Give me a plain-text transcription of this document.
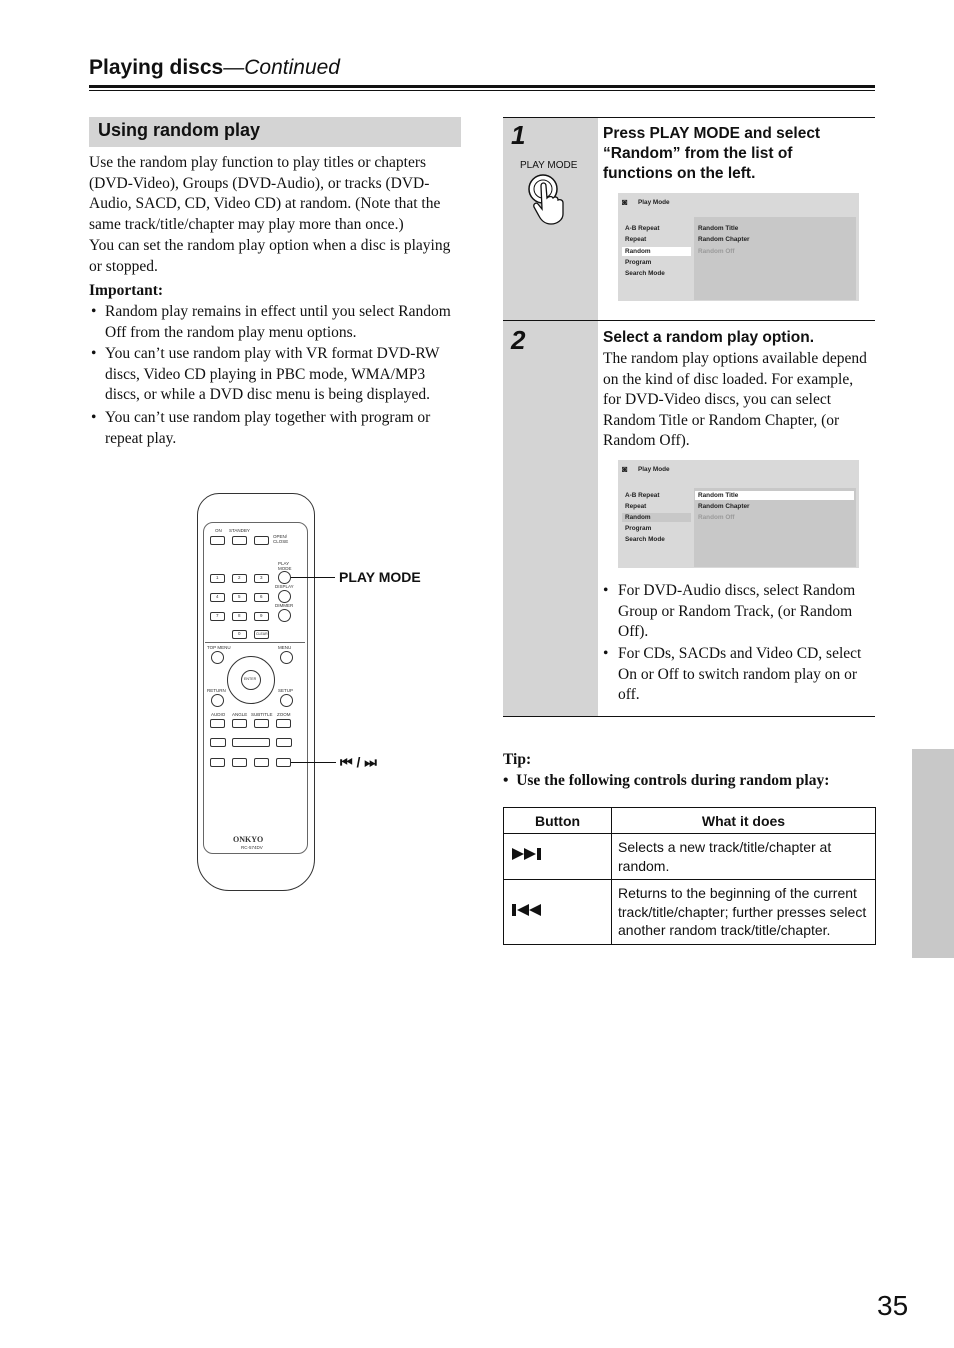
Playing discs—Continued
Using random play
Use the random play function to play titles or chapters (DVD-Video), Groups (DVD-Audio), or tracks (DVD-Audio, SACD, CD, Video CD) at random. (Note that the same track/title/chapter may play more than once.)
You can set the random play option when a disc is playing or stopped.
Important:
• Random play remains in effect until you select Random Off from the random play menu options.
• You can’t use random play with VR format DVD-RW discs, Video CD playing in PBC mode, WMA/MP3 discs, or while a DVD disc menu is being displayed.
• You can’t use random play together with program or repeat play.
ON STANDBY
OPEN/ CLOSE
PLAY MODE
DISPLAY
DIMMER
1	2	3
4	5	6
7	8	9
0	CLEAR
TOP MENU	MENU
ENTER
RETURN	SETUP
AUDIO ANGLE SUBTITLE ZOOM
ONKYO
RC-574DV
PLAY MODE
⏮ / ⏭
1
PLAY MODE
Press PLAY MODE and select “Random” from the list of functions on the left.
◙ Play Mode
A-B Repeat
Repeat
Random
Program
Search Mode
Random Title
Random Chapter
Random Off
2	Select a random play option.
The random play options available depend on the kind of disc loaded. For example, for DVD-Video discs, you can select Random Title or Random Chapter, (or Random Off).
◙ Play Mode
A-B Repeat
Repeat
Random
Program
Search Mode
Random Title
Random Chapter
Random Off
• For DVD-Audio discs, select Random Group or Random Track, (or Random Off).
• For CDs, SACDs and Video CD, select On or Off to switch random play on or off.
Tip:
•  Use the following controls during random play:
Button	What it does
	Selects a new track/title/chapter at random.
	Returns to the beginning of the current track/title/chapter; further presses select another random track/title/chapter.
35
